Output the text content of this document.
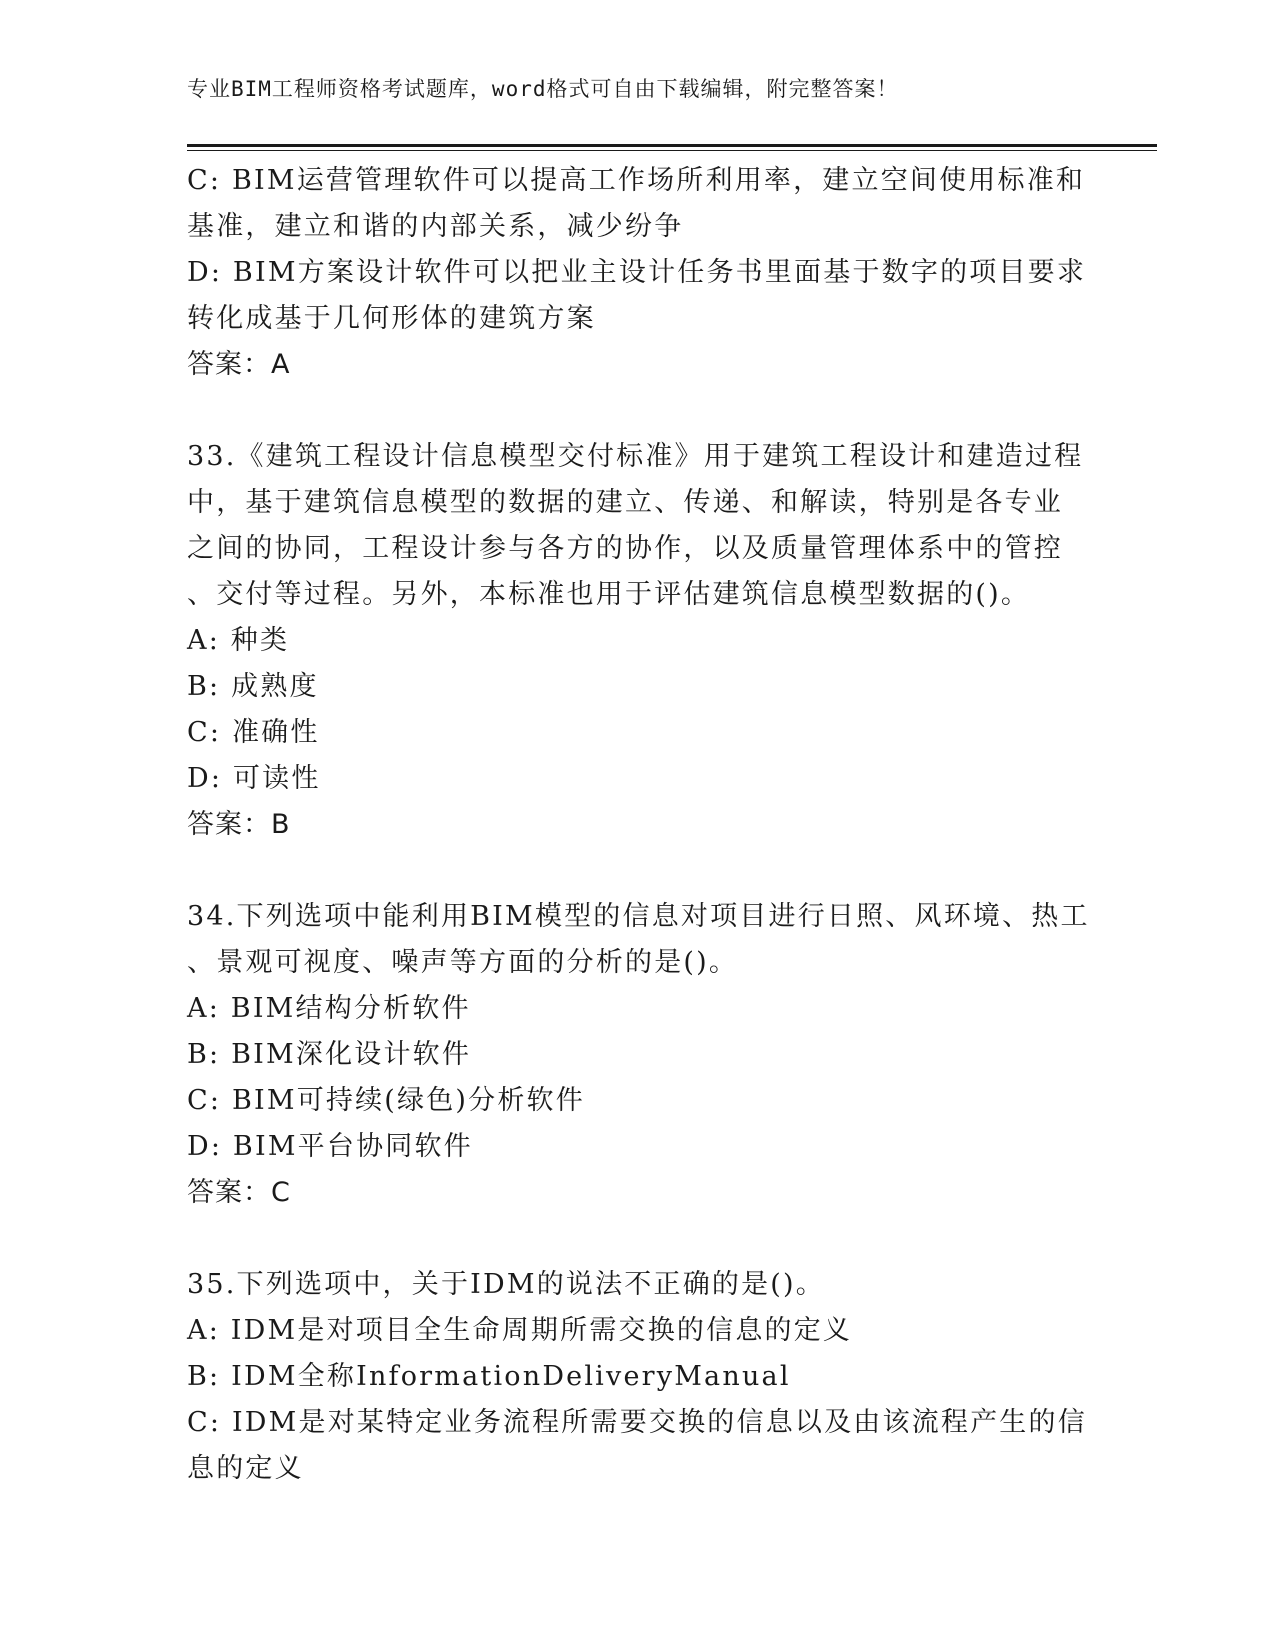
专业BIM工程师资格考试题库，word格式可自由下载编辑，附完整答案！
C: BIM运营管理软件可以提高工作场所利用率，建立空间使用标准和
基准，建立和谐的内部关系，减少纷争
D: BIM方案设计软件可以把业主设计任务书里面基于数字的项目要求
转化成基于几何形体的建筑方案
答案：A
33.《建筑工程设计信息模型交付标准》用于建筑工程设计和建造过程
中，基于建筑信息模型的数据的建立、传递、和解读，特别是各专业
之间的协同，工程设计参与各方的协作，以及质量管理体系中的管控
、交付等过程。另外，本标准也用于评估建筑信息模型数据的()。
A: 种类
B: 成熟度
C: 准确性
D: 可读性
答案：B
34.下列选项中能利用BIM模型的信息对项目进行日照、风环境、热工
、景观可视度、噪声等方面的分析的是()。
A: BIM结构分析软件
B: BIM深化设计软件
C: BIM可持续(绿色)分析软件
D: BIM平台协同软件
答案：C
35.下列选项中，关于IDM的说法不正确的是()。
A: IDM是对项目全生命周期所需交换的信息的定义
B: IDM全称InformationDeliveryManual
C: IDM是对某特定业务流程所需要交换的信息以及由该流程产生的信
息的定义
